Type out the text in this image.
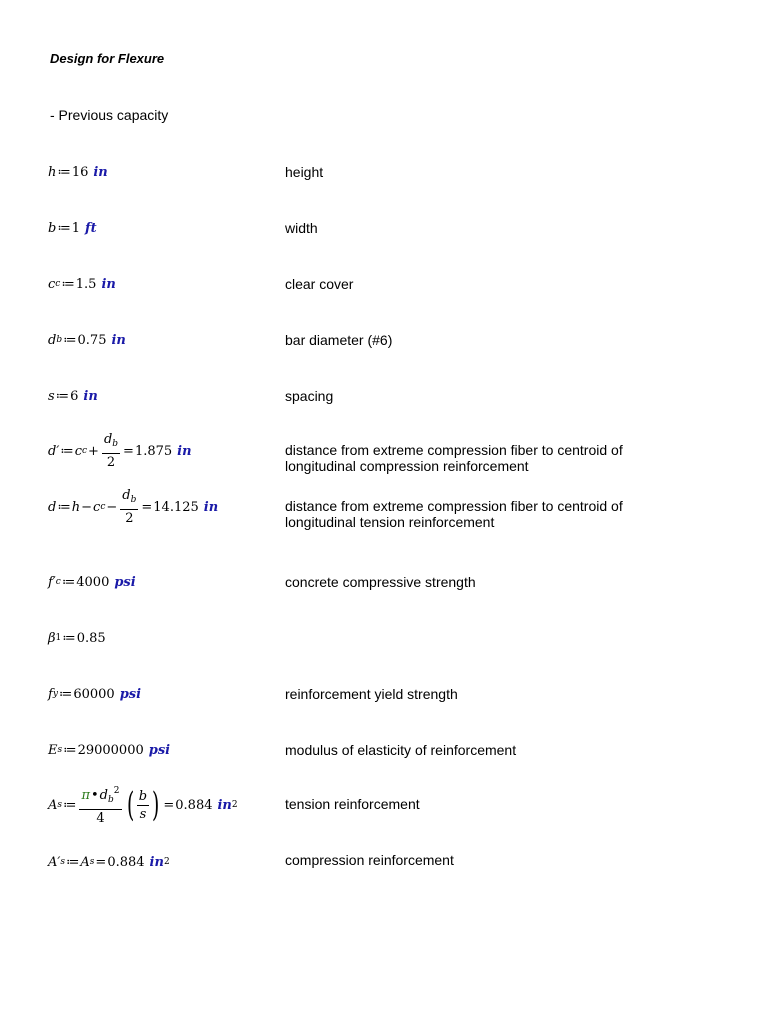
Design for Flexure
- Previous capacity
h ≔ 16 in	height
b ≔ 1 ft	width
c c ≔ 1.5 in	clear cover
d b ≔ 0.75 in	bar diameter (#6)
s ≔ 6 in	spacing
d′ ≔ c $c + \frac{d_b}{2} = 1.875$ in	distance from extreme compression fiber to centroid of longitudinal compression reinforcement
d ≔ h − c $c - \frac{d_b}{2} = 14.125$ in	distance from extreme compression fiber to centroid of longitudinal tension reinforcement
f′ c ≔ 4000 psi	concrete compressive strength
β 1 ≔ 0.85
f y ≔ 60000 psi	reinforcement yield strength
E s ≔ 29000000 psi	modulus of elasticity of reinforcement
A s ≔ $\frac{\pi•d_b^2}{4}$ ( $\frac{b}{s}$ ) = 0.884 in 2	tension reinforcement
A′ s ≔ A s = 0.884 in 2	compression reinforcement
